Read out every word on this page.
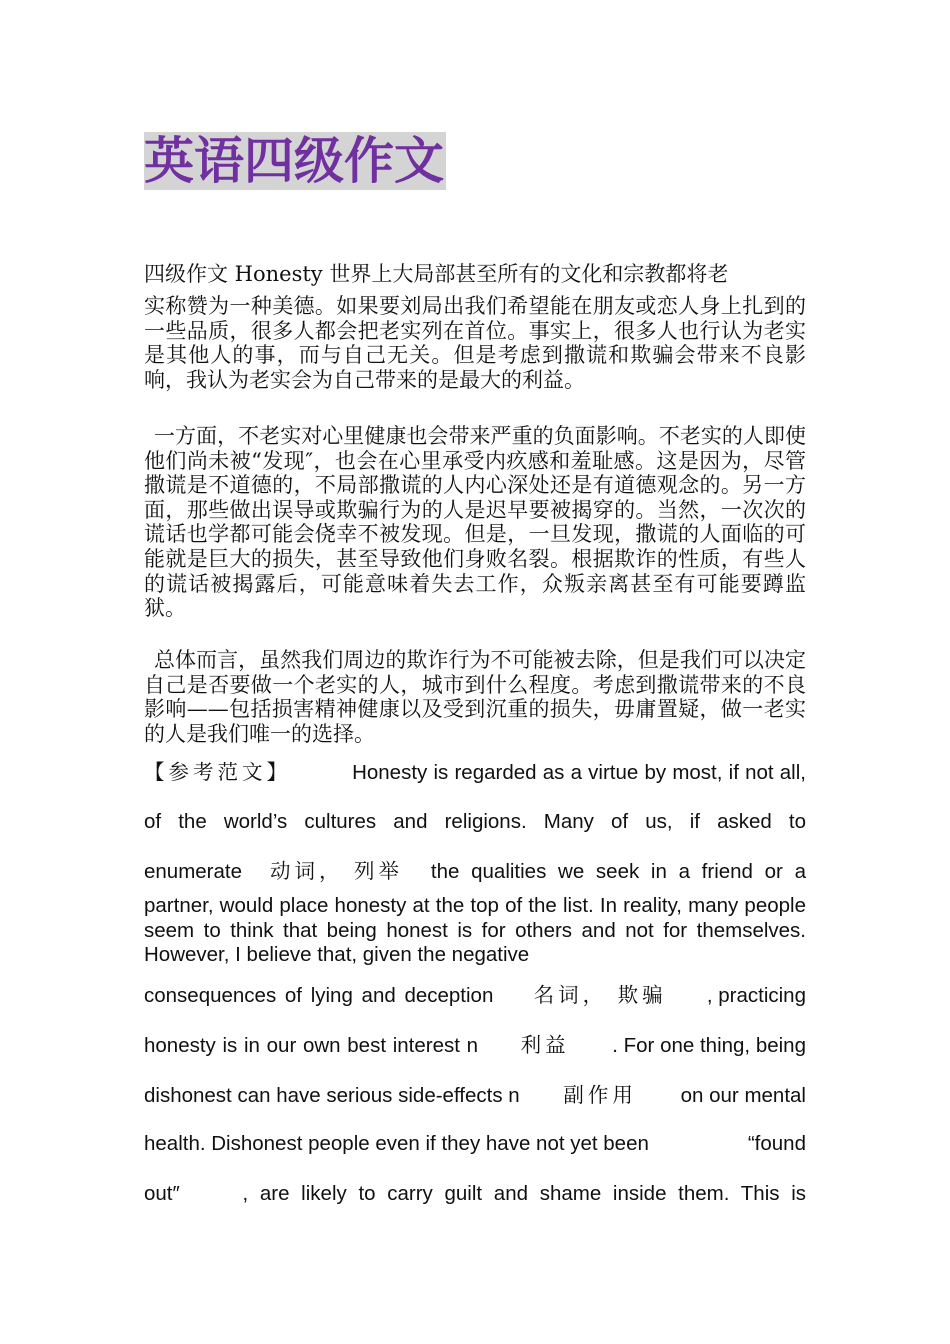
英语四级作文

四级作文 Honesty 世界上大局部甚至所有的文化和宗教都将老

实称赞为一种美德。如果要刘局出我们希望能在朋友或恋人身上扎到的一些品质，很多人都会把老实列在首位。事实上，很多人也行认为老实是其他人的事，而与自己无关。但是考虑到撒谎和欺骗会带来不良影响，我认为老实会为自己带来的是最大的利益。

一方面，不老实对心里健康也会带来严重的负面影响。不老实的人即使他们尚未被“发现″，也会在心里承受内疚感和羞耻感。这是因为，尽管撒谎是不道德的，不局部撒谎的人内心深处还是有道德观念的。另一方面，那些做出误导或欺骗行为的人是迟早要被揭穿的。当然，一次次的谎话也学都可能会侥幸不被发现。但是，一旦发现，撒谎的人面临的可能就是巨大的损失，甚至导致他们身败名裂。根据欺诈的性质，有些人的谎话被揭露后，可能意味着失去工作，众叛亲离甚至有可能要蹲监狱。

总体而言，虽然我们周边的欺诈行为不可能被去除，但是我们可以决定自己是否要做一个老实的人，城市到什么程度。考虑到撒谎带来的不良影响——包括损害精神健康以及受到沉重的损失，毋庸置疑，做一老实的人是我们唯一的选择。

【参考范文】	Honesty is regarded as a virtue by most, if not all,
of the world’s cultures and religions. Many of us, if asked to
enumerate 动词， 列举 the qualities we seek in a friend or a

partner, would place honesty at the top of the list. In reality, many people seem to think that being honest is for others and not for themselves. However, I believe that, given the negative

consequences of lying and deception 名词， 欺骗 , practicing
honesty is in our own best interest n 利益 . For one thing, being
dishonest can have serious side-effects n 副作用 on our mental
health. Dishonest people even if they have not yet been	“found
out″	, are likely to carry guilt and shame inside them. This is
